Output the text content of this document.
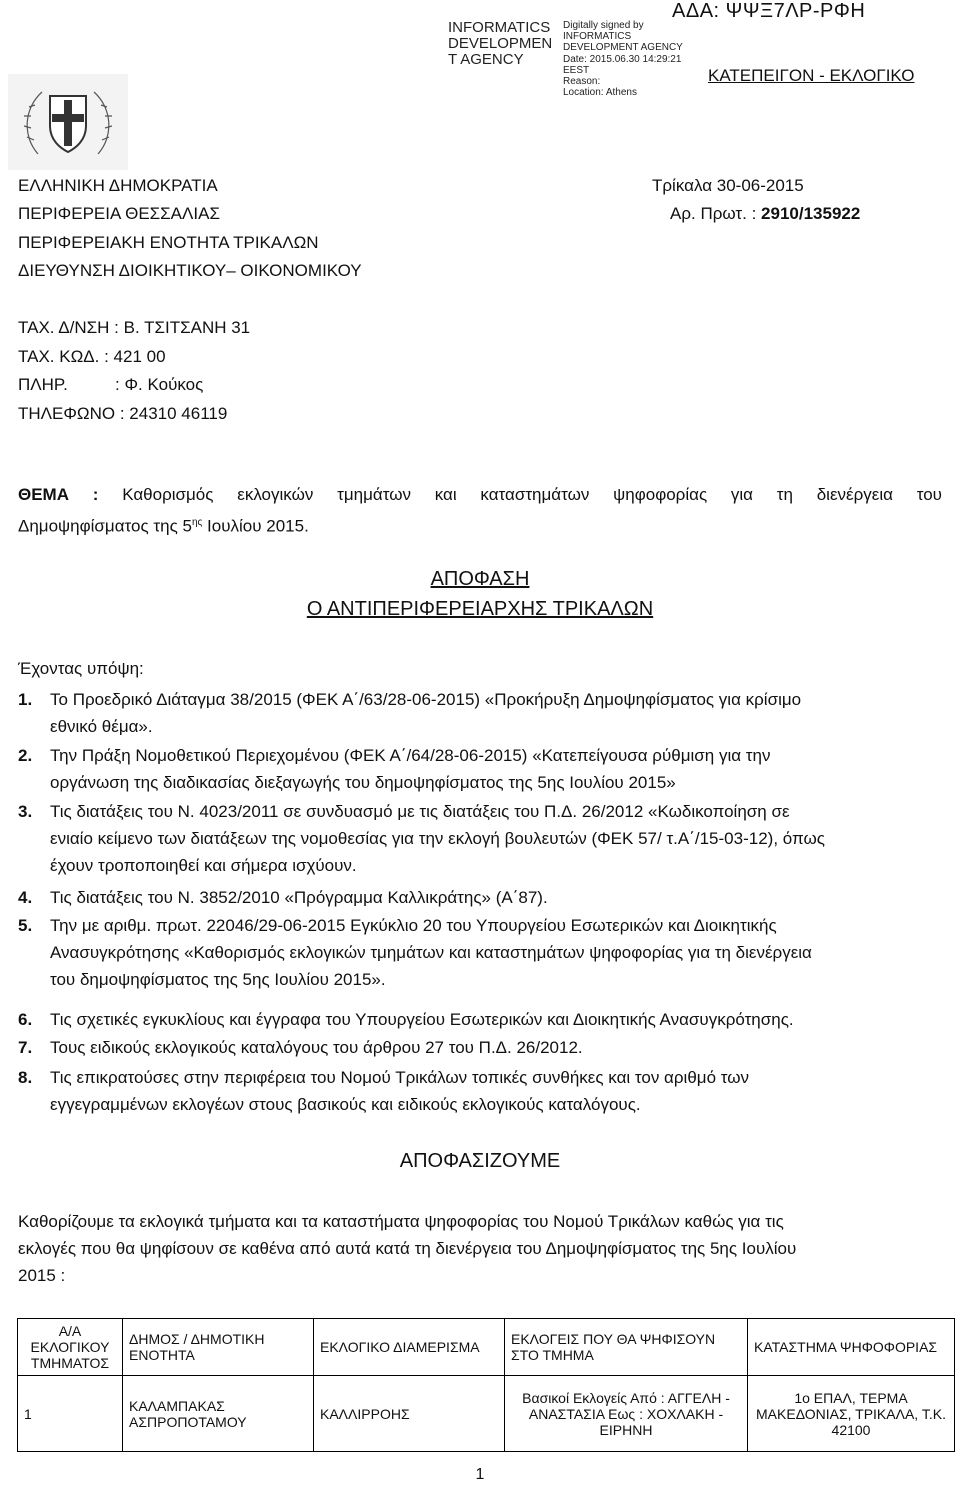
INFORMATICS
DEVELOPMEN
T AGENCY
Digitally signed by
INFORMATICS
DEVELOPMENT AGENCY
Date: 2015.06.30 14:29:21
EEST
Reason:
Location: Athens
ΑΔΑ: ΨΨΞ7ΛΡ-ΡΦΗ
ΚΑΤΕΠΕΙΓΟΝ - ΕΚΛΟΓΙΚΟ
ΕΛΛΗΝΙΚΗ ΔΗΜΟΚΡΑΤΙΑ
ΠΕΡΙΦΕΡΕΙΑ ΘΕΣΣΑΛΙΑΣ
ΠΕΡΙΦΕΡΕΙΑΚΗ ΕΝΟΤΗΤΑ ΤΡΙΚΑΛΩΝ
ΔΙΕΥΘΥΝΣΗ ΔΙΟΙΚΗΤΙΚΟΥ– ΟΙΚΟΝΟΜΙΚΟΥ
Τρίκαλα 30-06-2015
Αρ. Πρωτ. : 2910/135922
ΤΑΧ. Δ/ΝΣΗ : Β. ΤΣΙΤΣΑΝΗ 31
ΤΑΧ. ΚΩΔ. : 421 00
ΠΛΗΡ.          : Φ. Κούκος
ΤΗΛΕΦΩΝΟ : 24310 46119
ΘΕΜΑ : Καθορισμός εκλογικών τμημάτων και καταστημάτων ψηφοφορίας για τη διενέργεια του
Δημοψηφίσματος της $5^{\eta\varsigma}$ Ιουλίου 2015.
ΑΠΟΦΑΣΗ
Ο ΑΝΤΙΠΕΡΙΦΕΡΕΙΑΡΧΗΣ ΤΡΙΚΑΛΩΝ
Έχοντας υπόψη:
1. Το Προεδρικό Διάταγμα 38/2015 (ΦΕΚ Α΄/63/28-06-2015) «Προκήρυξη Δημοψηφίσματος για κρίσιμο
εθνικό θέμα».
2. Την Πράξη Νομοθετικού Περιεχομένου (ΦΕΚ Α΄/64/28-06-2015) «Κατεπείγουσα ρύθμιση για την
οργάνωση της διαδικασίας διεξαγωγής του δημοψηφίσματος της 5ης Ιουλίου 2015»
3. Τις διατάξεις του Ν. 4023/2011 σε συνδυασμό με τις διατάξεις του Π.Δ. 26/2012 «Κωδικοποίηση σε
ενιαίο κείμενο των διατάξεων της νομοθεσίας για την εκλογή βουλευτών (ΦΕΚ 57/ τ.Α΄/15-03-12), όπως
έχουν τροποποιηθεί και σήμερα ισχύουν.
4. Τις διατάξεις του Ν. 3852/2010 «Πρόγραμμα Καλλικράτης» (Α΄87).
5. Την με αριθμ. πρωτ. 22046/29-06-2015 Εγκύκλιο 20 του Υπουργείου Εσωτερικών και Διοικητικής
Ανασυγκρότησης «Καθορισμός εκλογικών τμημάτων και καταστημάτων ψηφοφορίας για τη διενέργεια
του δημοψηφίσματος της 5ης Ιουλίου 2015».
6. Τις σχετικές εγκυκλίους και έγγραφα του Υπουργείου Εσωτερικών και Διοικητικής Ανασυγκρότησης.
7. Τους ειδικούς εκλογικούς καταλόγους του άρθρου 27 του Π.Δ. 26/2012.
8. Τις επικρατούσες στην περιφέρεια του Νομού Τρικάλων τοπικές συνθήκες και τον αριθμό των
εγγεγραμμένων εκλογέων στους βασικούς και ειδικούς εκλογικούς καταλόγους.
ΑΠΟΦΑΣΙΖΟΥΜΕ
Καθορίζουμε τα εκλογικά τμήματα και τα καταστήματα ψηφοφορίας του Νομού Τρικάλων καθώς για τις
εκλογές που θα ψηφίσουν σε καθένα από αυτά κατά τη διενέργεια του Δημοψηφίσματος της 5ης Ιουλίου
2015 :
Α/Α ΕΚΛΟΓΙΚΟΥ ΤΜΗΜΑΤΟΣ	ΔΗΜΟΣ / ΔΗΜΟΤΙΚΗ ΕΝΟΤΗΤΑ	ΕΚΛΟΓΙΚΟ ΔΙΑΜΕΡΙΣΜΑ	ΕΚΛΟΓΕΙΣ ΠΟΥ ΘΑ ΨΗΦΙΣΟΥΝ ΣΤΟ ΤΜΗΜΑ	ΚΑΤΑΣΤΗΜΑ ΨΗΦΟΦΟΡΙΑΣ
1	ΚΑΛΑΜΠΑΚΑΣ ΑΣΠΡΟΠΟΤΑΜΟΥ	ΚΑΛΛΙΡΡΟΗΣ	Βασικοί Εκλογείς Από : ΑΓΓΕΛΗ - ΑΝΑΣΤΑΣΙΑ Εως : ΧΟΧΛΑΚΗ - ΕΙΡΗΝΗ	1ο ΕΠΑΛ, ΤΕΡΜΑ ΜΑΚΕΔΟΝΙΑΣ, ΤΡΙΚΑΛΑ, Τ.Κ. 42100
1
